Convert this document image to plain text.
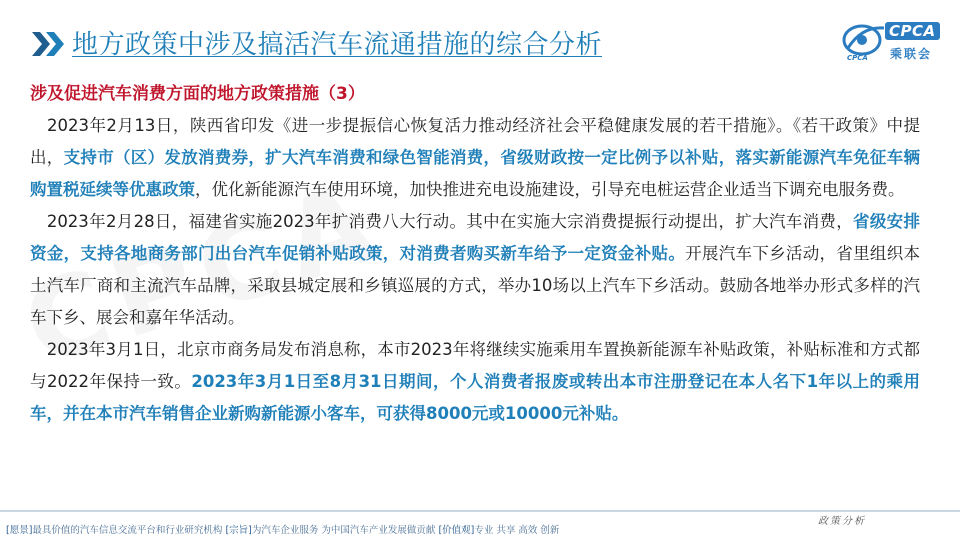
地方政策中涉及搞活汽车流通措施的综合分析	CPCA
乘联会
CPCA

涉及促进汽车消费方面的地方政策措施（3）

　2023年2月13日，陕西省印发《进一步提振信心恢复活力推动经济社会平稳健康发展的若干措施》。《若干政策》中提出，支持市（区）发放消费券，扩大汽车消费和绿色智能消费，省级财政按一定比例予以补贴，落实新能源汽车免征车辆购置税延续等优惠政策，优化新能源汽车使用环境，加快推进充电设施建设，引导充电桩运营企业适当下调充电服务费。

　2023年2月28日，福建省实施2023年扩消费八大行动。其中在实施大宗消费提振行动提出，扩大汽车消费，省级安排资金，支持各地商务部门出台汽车促销补贴政策，对消费者购买新车给予一定资金补贴。开展汽车下乡活动，省里组织本土汽车厂商和主流汽车品牌，采取县城定展和乡镇巡展的方式，举办10场以上汽车下乡活动。鼓励各地举办形式多样的汽车下乡、展会和嘉年华活动。

　2023年3月1日，北京市商务局发布消息称，本市2023年将继续实施乘用车置换新能源车补贴政策，补贴标准和方式都与2022年保持一致。2023年3月1日至8月31日期间，个人消费者报废或转出本市注册登记在本人名下1年以上的乘用车，并在本市汽车销售企业新购新能源小客车，可获得8000元或10000元补贴。

[愿景]最具价值的汽车信息交流平台和行业研究机构 [宗旨]为汽车企业服务 为中国汽车产业发展做贡献 [价值观]专业 共享 高效 创新
政策分析
